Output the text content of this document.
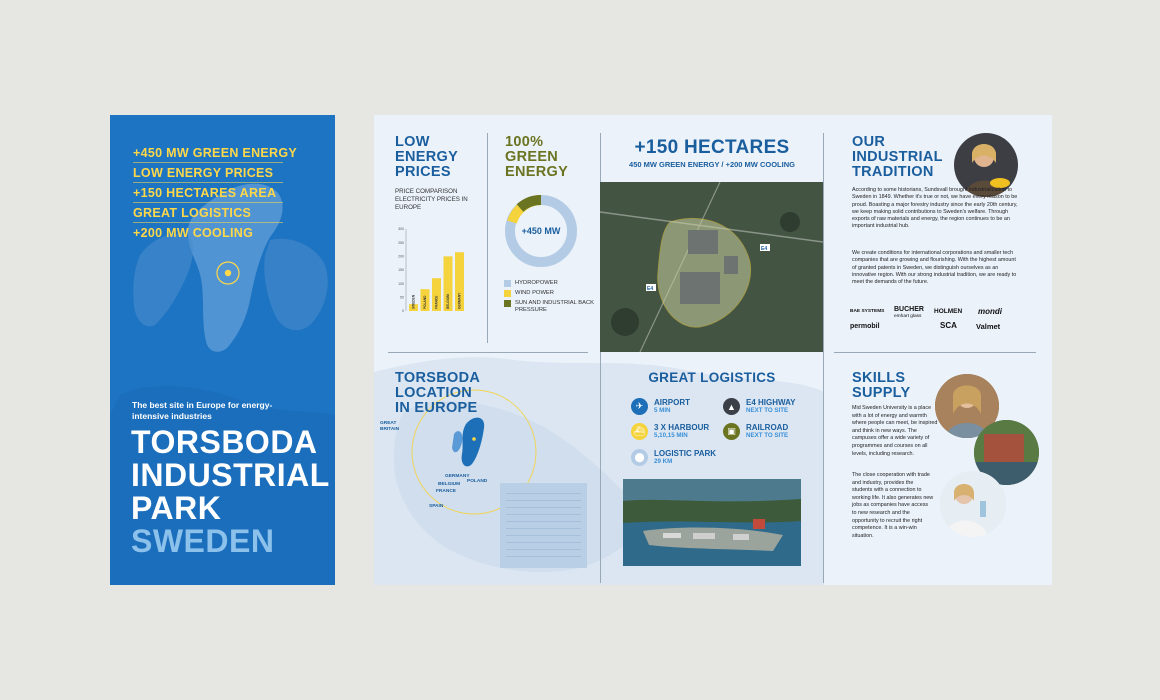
+450 MW GREEN ENERGY
LOW ENERGY PRICES
+150 HECTARES AREA
GREAT LOGISTICS
+200 MW COOLING
The best site in Europe for energy-intensive industries
TORSBODA
INDUSTRIAL
PARK
SWEDEN
LOW
ENERGY
PRICES
PRICE COMPARISON ELECTRICITY PRICES IN EUROPE
0
50
100
150
200
250
300
SWEDEN POLAND FRANCE BELGIUM GERMANY

100%
GREEN
ENERGY
+450 MW
HYDROPOWER
WIND POWER
SUN AND INDUSTRIAL BACK PRESSURE
+150 HECTARES
450 MW GREEN ENERGY / +200 MW COOLING
E4
E4
OUR
INDUSTRIAL
TRADITION
According to some historians, Sundsvall brought industrialization to Sweden in 1849. Whether it's true or not, we have every reason to be proud. Boasting a major forestry industry since the early 20th century, we keep making solid contributions to Sweden's welfare. Through exports of raw materials and energy, the region continues to be an important industrial hub.
We create conditions for international corporations and smaller tech companies that are growing and flourishing. With the highest amount of granted patents in Sweden, we distinguish ourselves as an innovative region. With our strong industrial tradition, we are ready to meet the demands of the future.
BAE SYSTEMS BUCHER
emhart glass
HOLMEN mondi
permobil	SCA	Valmet
TORSBODA
LOCATION
IN EUROPE
GREAT BRITAIN
GERMANY
BELGIUM
FRANCE
POLAND
SPAIN
GREAT LOGISTICS
✈	AIRPORT
5 MIN	▲	E4 HIGHWAY
NEXT TO SITE
⛴	3 X HARBOUR
5,10,15 MIN	▣	RAILROAD
NEXT TO SITE
⬤	LOGISTIC PARK
29 KM
SKILLS
SUPPLY
Mid Sweden University is a place with a lot of energy and warmth where people can meet, be inspired and think in new ways. The campuses offer a wide variety of programmes and courses on all levels, including research.
The close cooperation with trade and industry, provides the students with a connection to working life. It also generates new jobs as companies have access to new research and the opportunity to recruit the right competence. It is a win-win situation.
